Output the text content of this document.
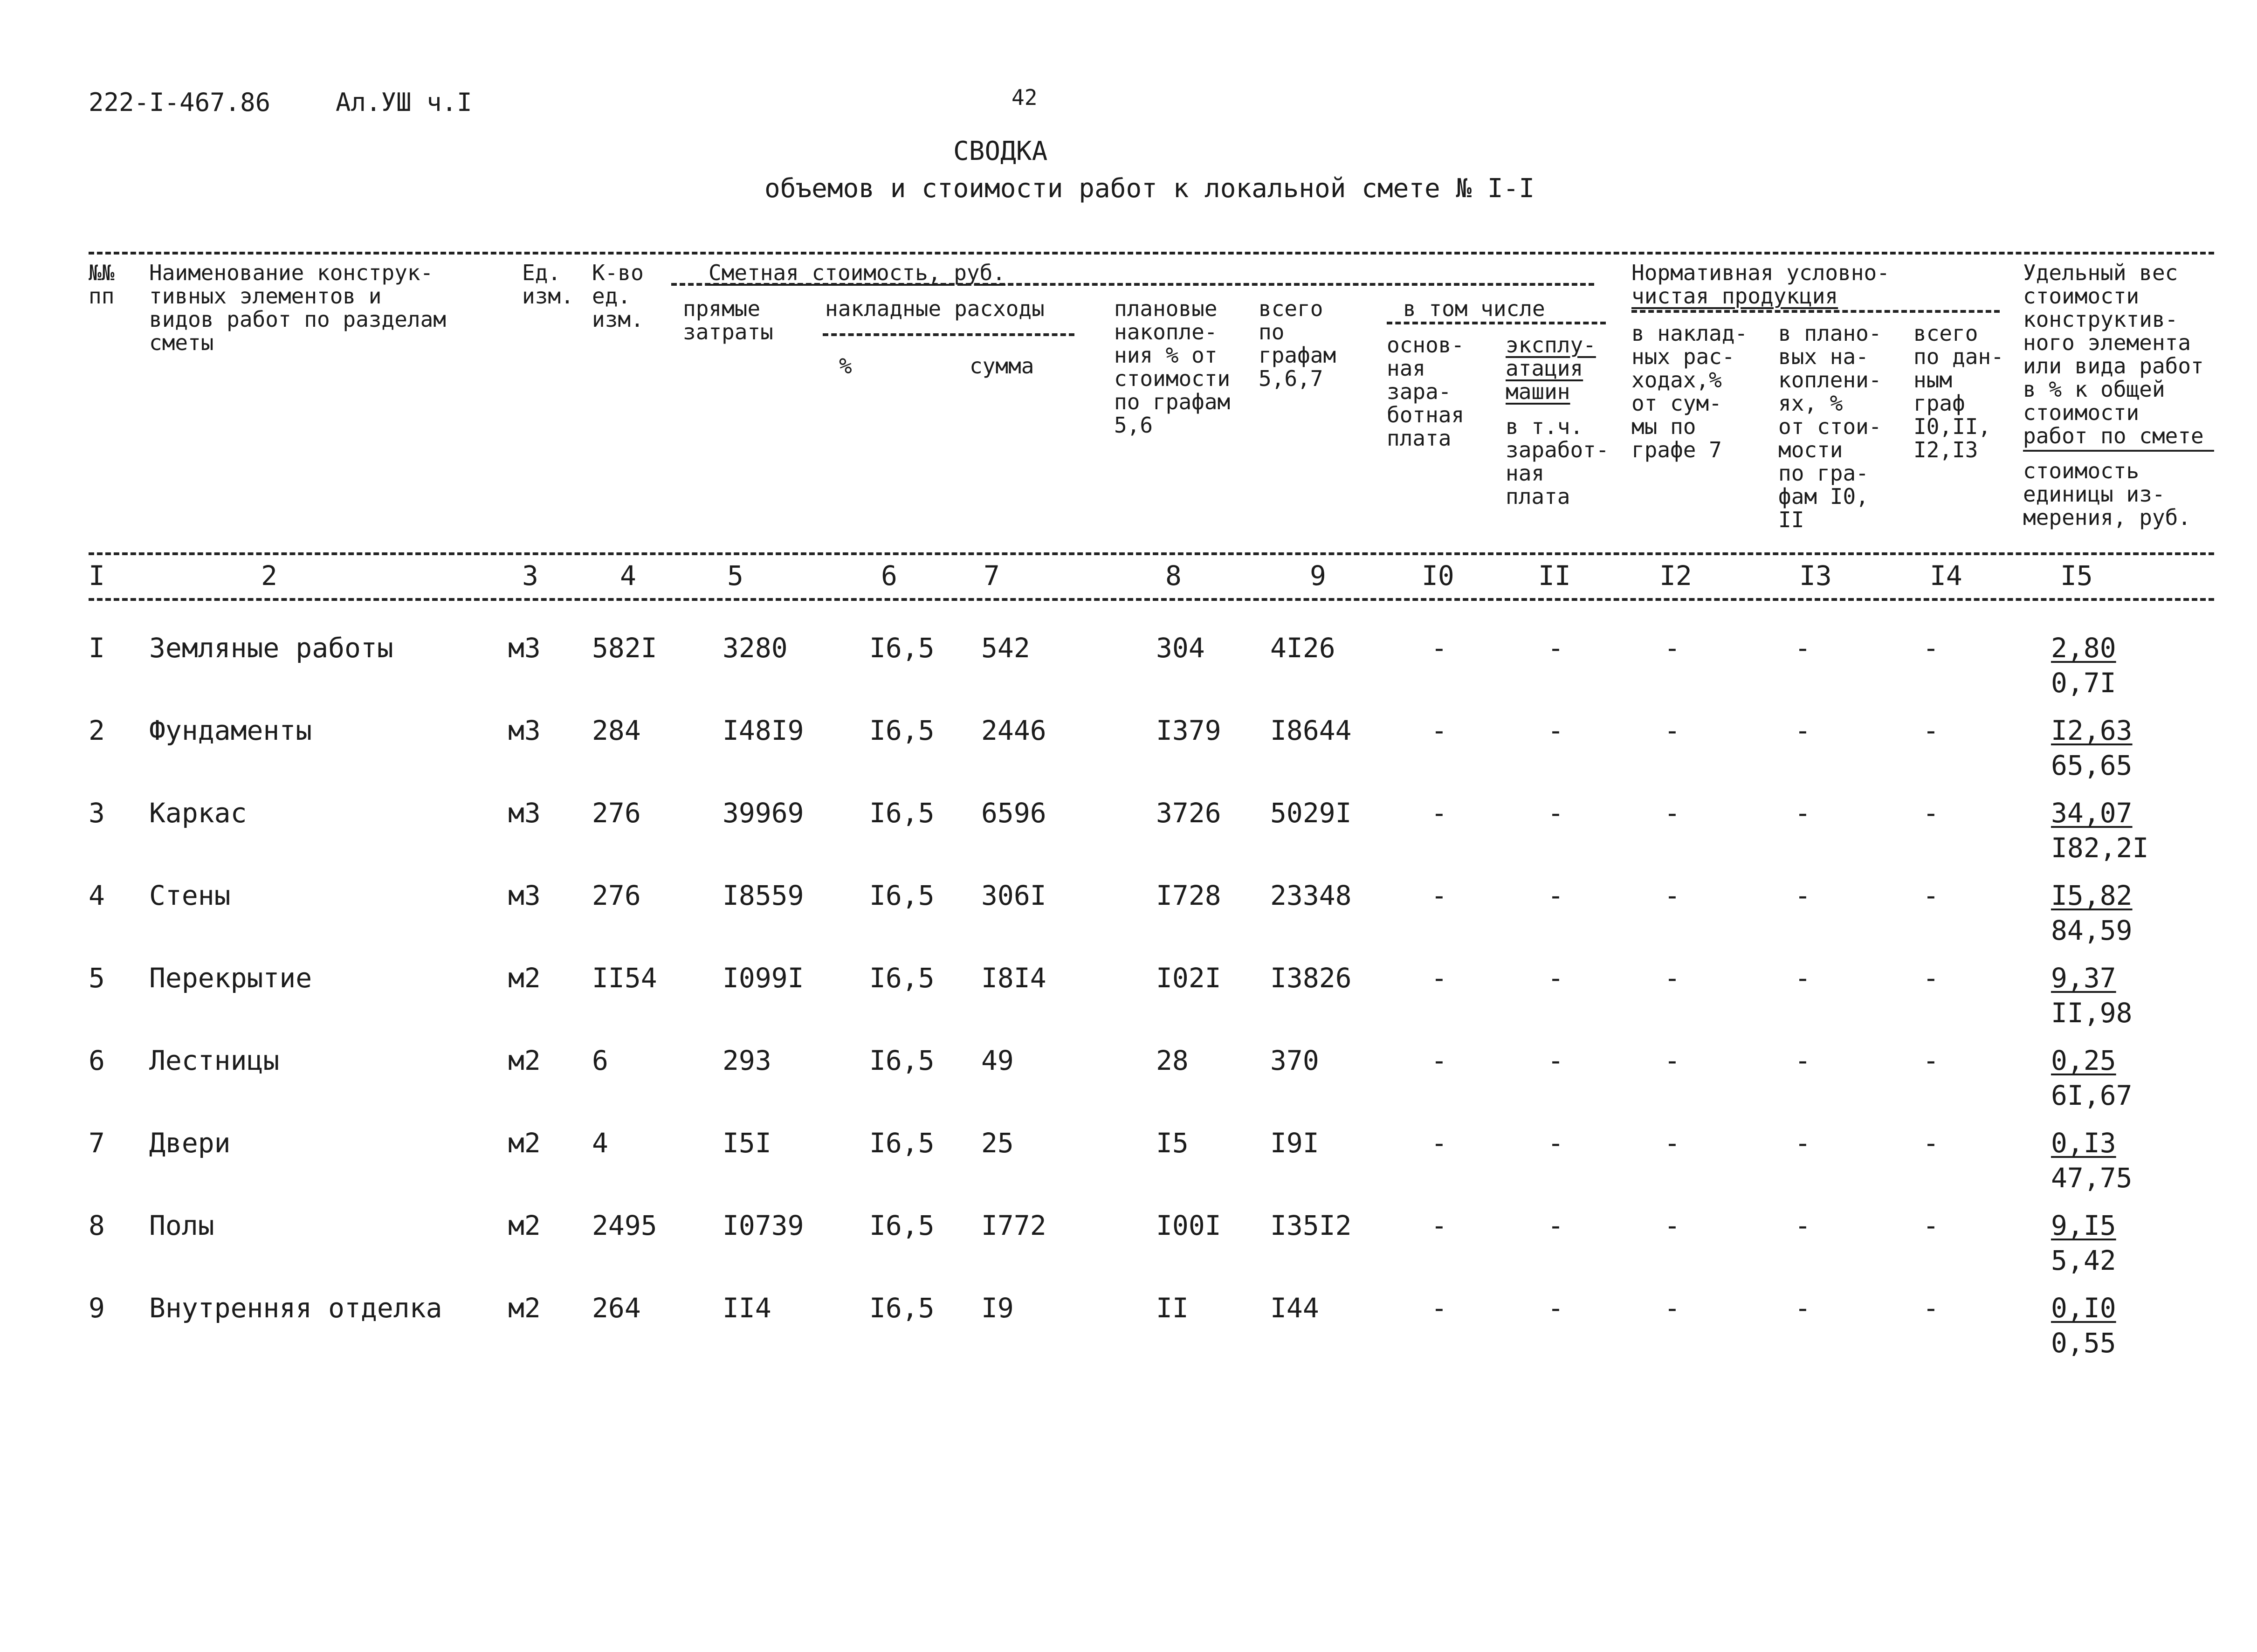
222-I-467.86	Ал.УШ ч.I	42
СВОДКА
объемов и стоимости работ к локальной смете № I-I
№№
пп
Наименование конструк-
тивных элементов и
видов работ по разделам
сметы
Ед.
изм.
К-во
ед.
изм.
Сметная стоимость, руб.
прямые
затраты
накладные расходы
%	сумма
плановые
накопле-
ния % от
стоимости
по графам
5,6
всего
по
графам
5,6,7
в том числе
основ-
ная
зара-
ботная
плата
эксплу-
атация
машин
в т.ч.
заработ-
ная
плата
Нормативная условно-
чистая продукция
в наклад-
ных рас-
ходах,%
от сум-
мы по
графе 7
в плано-
вых на-
коплени-
ях, %
от стои-
мости
по гра-
фам I0,
II
всего
по дан-
ным
граф
I0,II,
I2,I3
Удельный вес
стоимости
конструктив-
ного элемента
или вида работ
в % к общей
стоимости
работ по смете
стоимость
единицы из-
мерения, руб.
I	2	3	4	5	6	7	8	9	I0	II	I2	I3	I4	I5
I Земляные работы	м3 582I 3280	I6,5 542	304 4I26	-	-	-	-	-	2,80
0,7I
2 Фундаменты	м3 284	I48I9 I6,5 2446	I379 I8644	-	-	-	-	-	I2,63
65,65
3 Каркас	м3 276	39969 I6,5 6596	3726 5029I	-	-	-	-	-	34,07
I82,2I
4 Стены	м3 276	I8559 I6,5 306I	I728 23348	-	-	-	-	-	I5,82
84,59
5 Перекрытие	м2 II54 I099I I6,5 I8I4	I02I I3826	-	-	-	-	-	9,37
II,98
6 Лестницы	м2 6	293	I6,5 49	28	370	-	-	-	-	-	0,25
6I,67
7 Двери	м2 4	I5I	I6,5 25	I5	I9I	-	-	-	-	-	0,I3
47,75
8 Полы	м2 2495 I0739 I6,5 I772	I00I I35I2	-	-	-	-	-	9,I5
5,42
9 Внутренняя отделка м2 264	II4	I6,5 I9	II	I44	-	-	-	-	-	0,I0
0,55
